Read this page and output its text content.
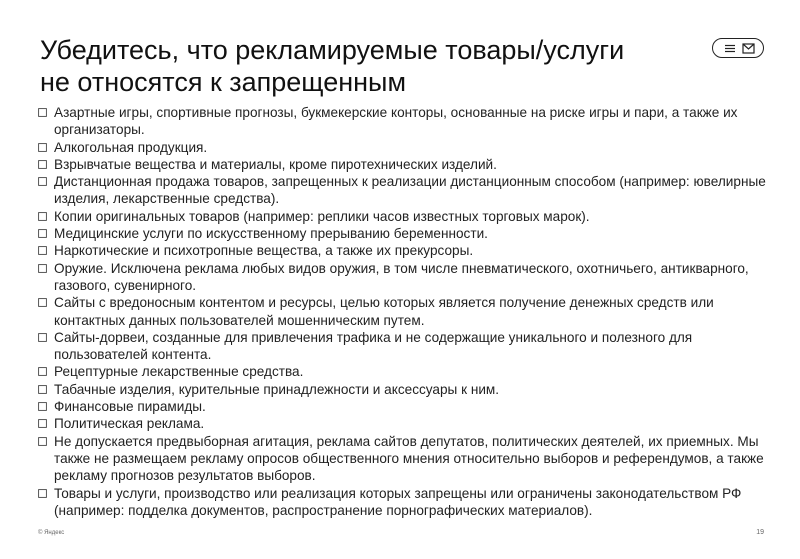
Убедитесь, что рекламируемые товары/услуги
не относятся к запрещенным
Азартные игры, спортивные прогнозы, букмекерские конторы, основанные на риске игры и пари, а также их организаторы.
Алкогольная продукция.
Взрывчатые вещества и материалы, кроме пиротехнических изделий.
Дистанционная продажа товаров, запрещенных к реализации дистанционным способом (например: ювелирные изделия, лекарственные средства).
Копии оригинальных товаров (например: реплики часов известных торговых марок).
Медицинские услуги по искусственному прерыванию беременности.
Наркотические и психотропные вещества, а также их прекурсоры.
Оружие. Исключена реклама любых видов оружия, в том числе пневматического, охотничьего, антикварного, газового, сувенирного.
Сайты с вредоносным контентом и ресурсы, целью которых является получение денежных средств или контактных данных пользователей мошенническим путем.
Сайты-дорвеи, созданные для привлечения трафика и не содержащие уникального и полезного для пользователей контента.
Рецептурные лекарственные средства.
Табачные изделия, курительные принадлежности и аксессуары к ним.
Финансовые пирамиды.
Политическая реклама.
Не допускается предвыборная агитация, реклама сайтов депутатов, политических деятелей, их приемных. Мы также не размещаем рекламу опросов общественного мнения относительно выборов и референдумов, а также рекламу прогнозов результатов выборов.
Товары и услуги, производство или реализация которых запрещены или ограничены законодательством РФ (например: подделка документов, распространение порнографических материалов).
© Яндекс	19
